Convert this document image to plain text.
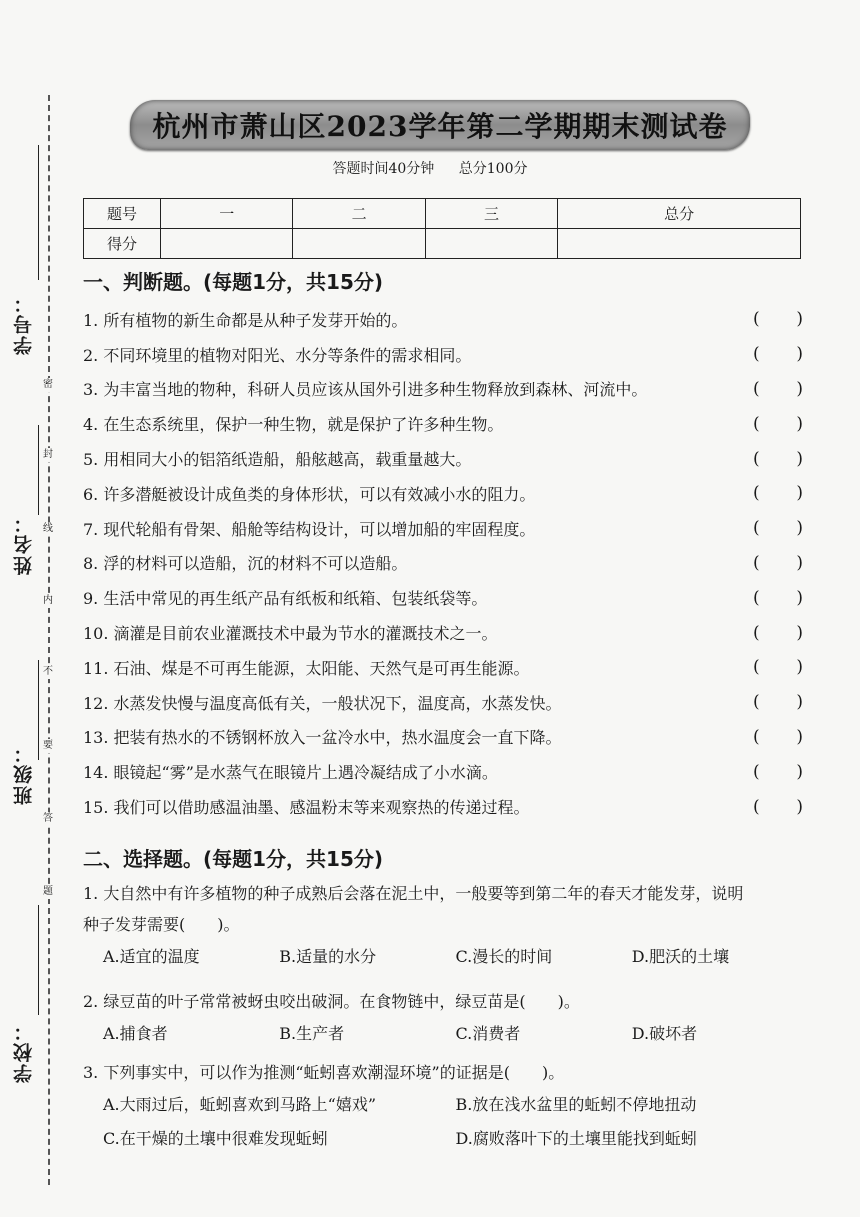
密
封
线
内
不
要
答
题
学号：
姓名：
班级：
学校：
杭州市萧山区2023学年第二学期期末测试卷
答题时间40分钟 总分100分
题号	一	二	三	总分
得分				
一、判断题。(每题1分，共15分)
1. 所有植物的新生命都是从种子发芽开始的。	( )
2. 不同环境里的植物对阳光、水分等条件的需求相同。	( )
3. 为丰富当地的物种，科研人员应该从国外引进多种生物释放到森林、河流中。	( )
4. 在生态系统里，保护一种生物，就是保护了许多种生物。	( )
5. 用相同大小的铝箔纸造船，船舷越高，载重量越大。	( )
6. 许多潜艇被设计成鱼类的身体形状，可以有效减小水的阻力。	( )
7. 现代轮船有骨架、船舱等结构设计，可以增加船的牢固程度。	( )
8. 浮的材料可以造船，沉的材料不可以造船。	( )
9. 生活中常见的再生纸产品有纸板和纸箱、包装纸袋等。	( )
10. 滴灌是目前农业灌溉技术中最为节水的灌溉技术之一。	( )
11. 石油、煤是不可再生能源，太阳能、天然气是可再生能源。	( )
12. 水蒸发快慢与温度高低有关，一般状况下，温度高，水蒸发快。	( )
13. 把装有热水的不锈钢杯放入一盆冷水中，热水温度会一直下降。	( )
14. 眼镜起“雾”是水蒸气在眼镜片上遇冷凝结成了小水滴。	( )
15. 我们可以借助感温油墨、感温粉末等来观察热的传递过程。	( )
二、选择题。(每题1分，共15分)
1. 大自然中有许多植物的种子成熟后会落在泥土中，一般要等到第二年的春天才能发芽，说明
种子发芽需要(　　)。
A.适宜的温度	B.适量的水分	C.漫长的时间	D.肥沃的土壤
2. 绿豆苗的叶子常常被蚜虫咬出破洞。在食物链中，绿豆苗是(　　)。
A.捕食者	B.生产者	C.消费者	D.破坏者
3. 下列事实中，可以作为推测“蚯蚓喜欢潮湿环境”的证据是(　　)。
A.大雨过后，蚯蚓喜欢到马路上“嬉戏”	B.放在浅水盆里的蚯蚓不停地扭动
C.在干燥的土壤中很难发现蚯蚓	D.腐败落叶下的土壤里能找到蚯蚓
